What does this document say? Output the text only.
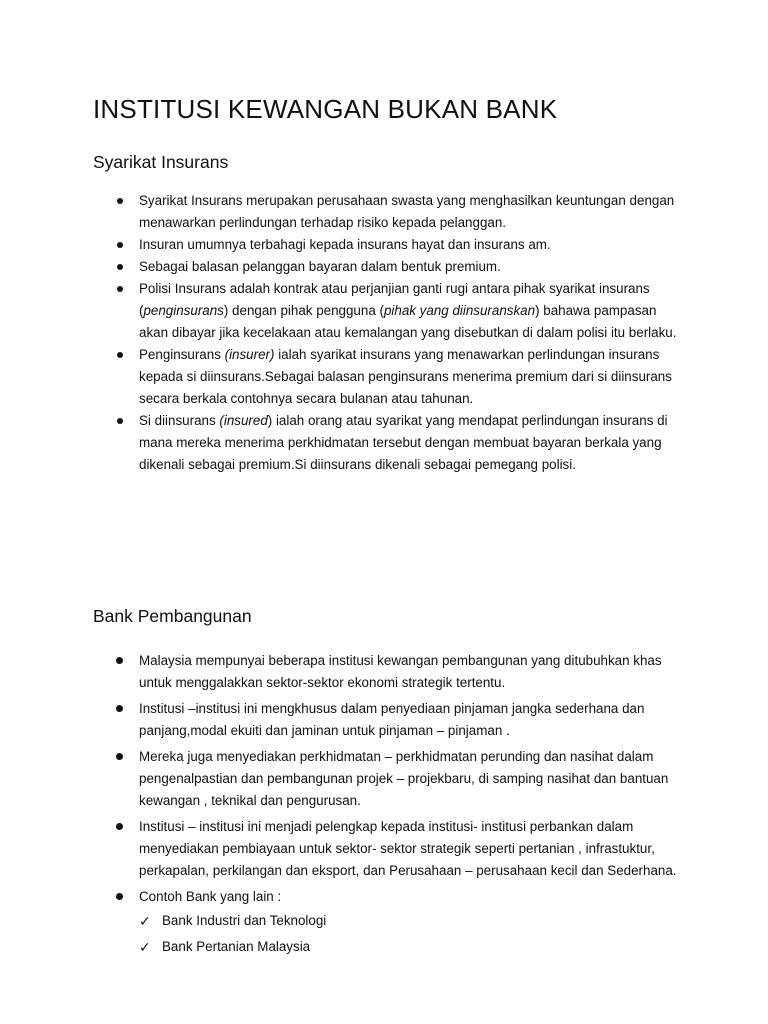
INSTITUSI KEWANGAN BUKAN BANK
Syarikat Insurans
Syarikat Insurans merupakan perusahaan swasta yang menghasilkan keuntungan dengan menawarkan perlindungan terhadap risiko kepada pelanggan.
Insuran umumnya terbahagi kepada insurans hayat dan insurans am.
Sebagai balasan pelanggan bayaran dalam bentuk premium.
Polisi Insurans adalah kontrak atau perjanjian ganti rugi antara pihak syarikat insurans (penginsurans) dengan pihak pengguna (pihak yang diinsuranskan) bahawa pampasan akan dibayar jika kecelakaan atau kemalangan yang disebutkan di dalam polisi itu berlaku.
Penginsurans (insurer) ialah syarikat insurans yang menawarkan perlindungan insurans kepada si diinsurans.Sebagai balasan penginsurans menerima premium dari si diinsurans secara berkala contohnya secara bulanan atau tahunan.
Si diinsurans (insured) ialah orang atau syarikat yang mendapat perlindungan insurans di mana mereka menerima perkhidmatan tersebut dengan membuat bayaran berkala yang dikenali sebagai premium.Si diinsurans dikenali sebagai pemegang polisi.
Bank Pembangunan
Malaysia mempunyai beberapa institusi kewangan pembangunan yang ditubuhkan khas untuk menggalakkan sektor-sektor ekonomi strategik tertentu.
Institusi –institusi ini mengkhusus dalam penyediaan pinjaman jangka sederhana dan panjang,modal ekuiti dan jaminan untuk pinjaman – pinjaman .
Mereka juga menyediakan perkhidmatan – perkhidmatan perunding dan nasihat dalam pengenalpastian dan pembangunan projek – projekbaru, di samping nasihat dan bantuan kewangan , teknikal dan pengurusan.
Institusi – institusi ini menjadi pelengkap kepada institusi- institusi perbankan dalam menyediakan pembiayaan untuk sektor- sektor strategik seperti pertanian , infrastuktur, perkapalan, perkilangan dan eksport, dan Perusahaan – perusahaan kecil dan Sederhana.
Contoh Bank yang lain :
✓ Bank Industri dan Teknologi
✓ Bank Pertanian Malaysia
